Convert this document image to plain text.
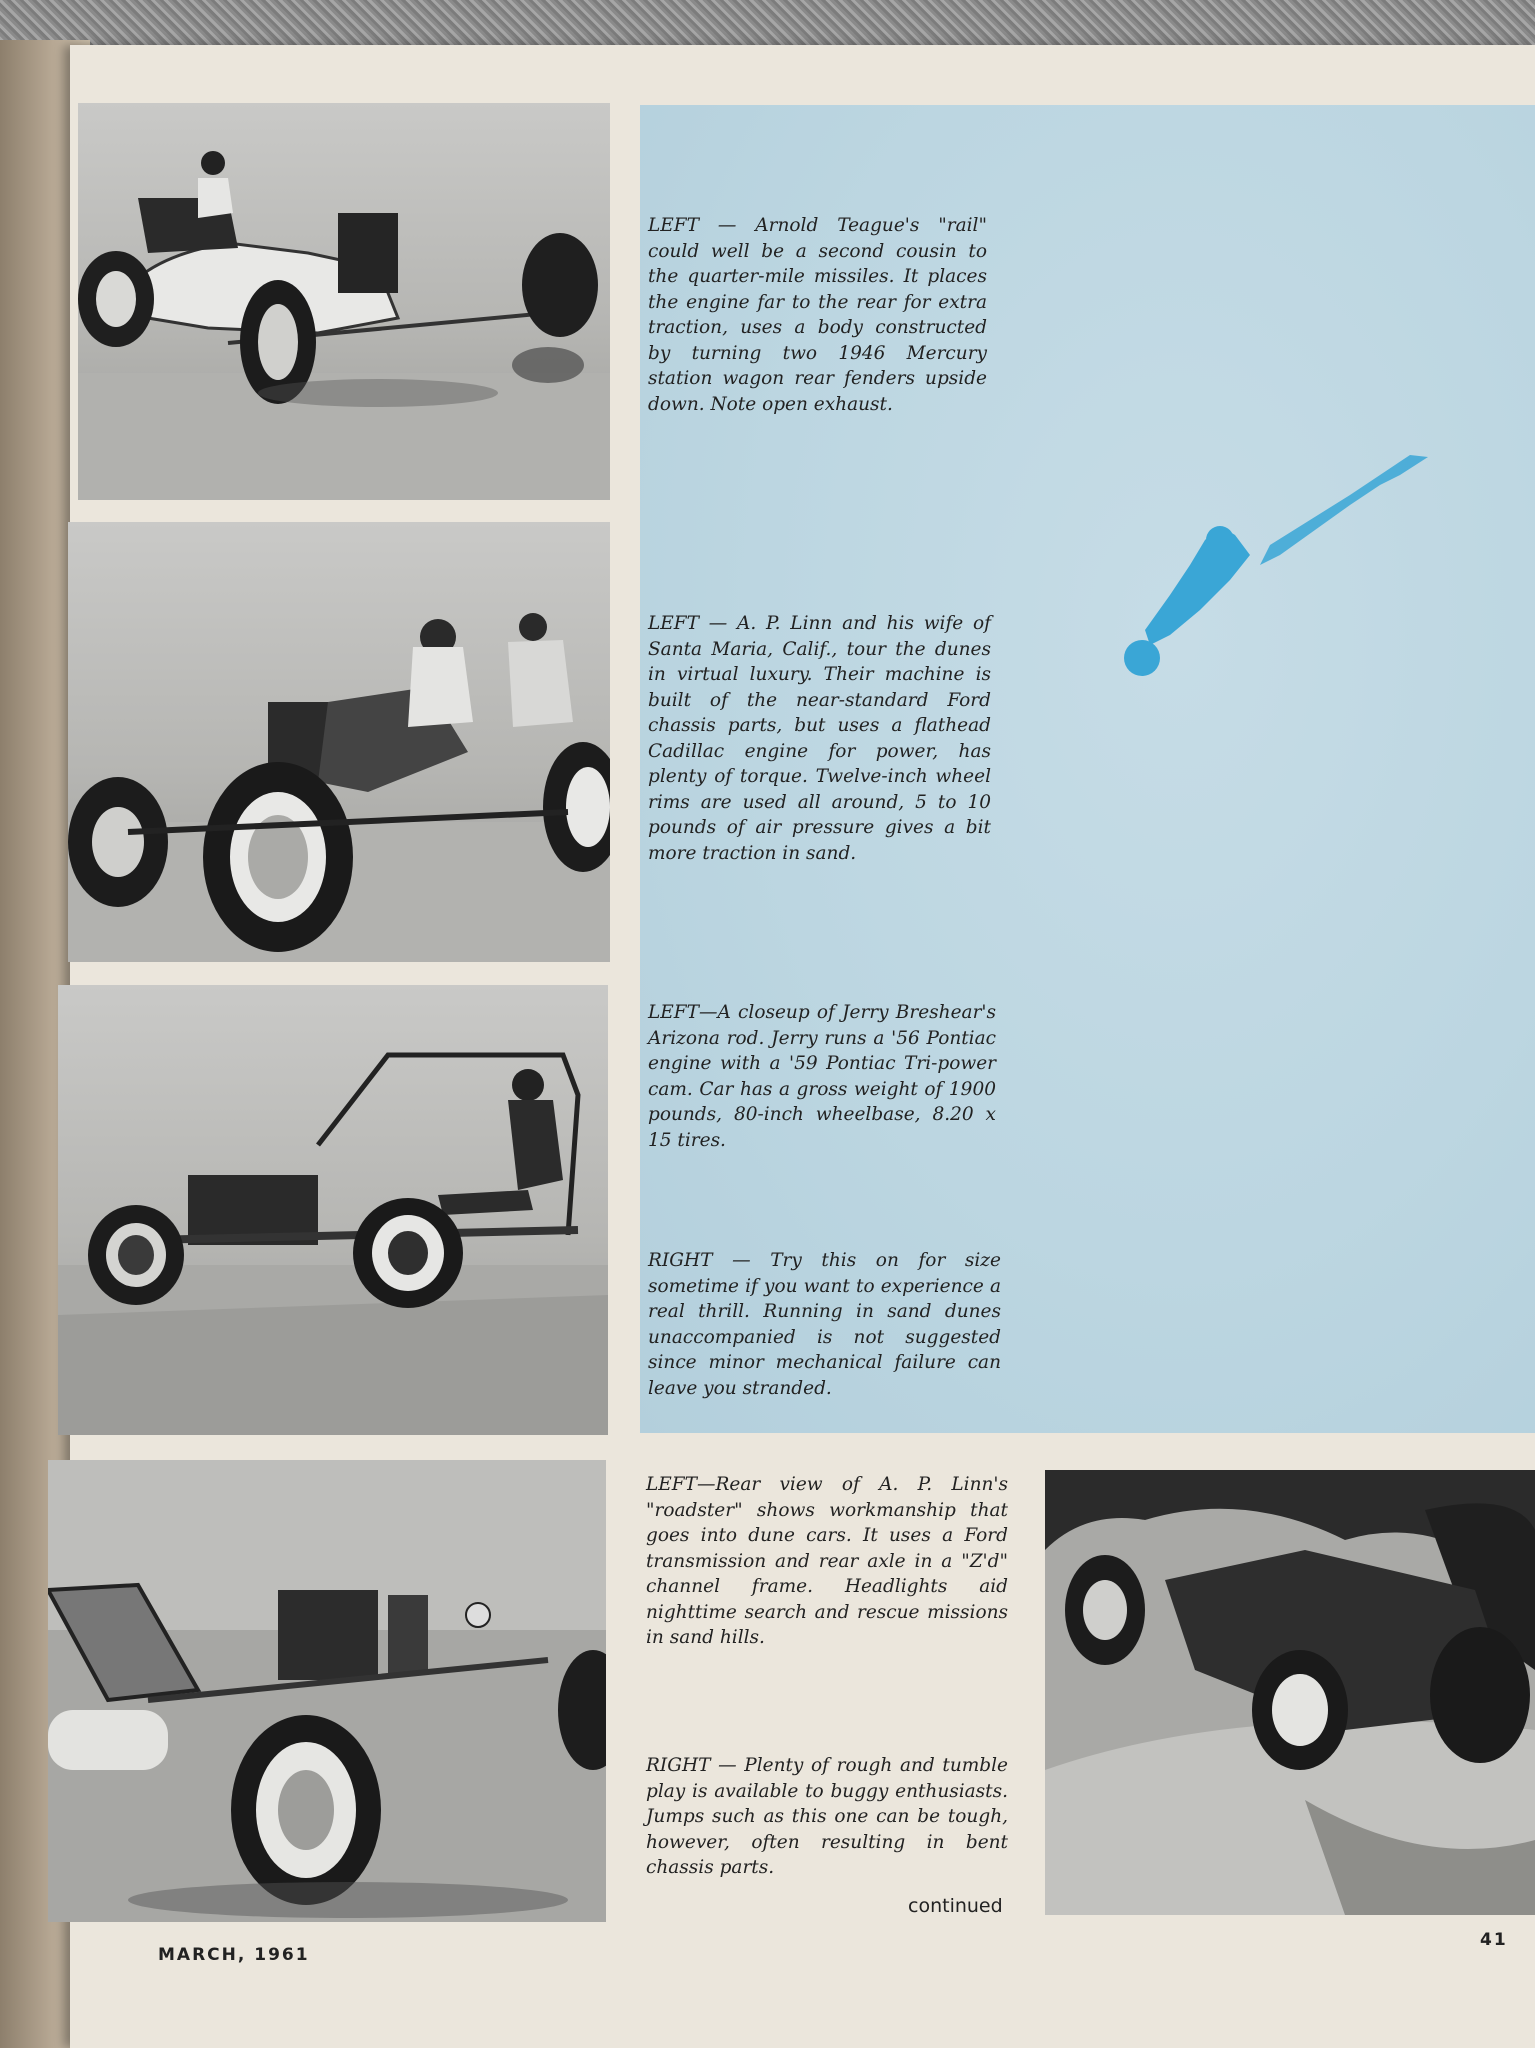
LEFT — Arnold Teague's "rail" could well be a second cousin to the quarter-mile missiles. It places the engine far to the rear for extra traction, uses a body constructed by turning two 1946 Mercury station wagon rear fenders upside down. Note open exhaust.

LEFT — A. P. Linn and his wife of Santa Maria, Calif., tour the dunes in virtual luxury. Their machine is built of the near-standard Ford chassis parts, but uses a flathead Cadillac engine for power, has plenty of torque. Twelve-inch wheel rims are used all around, 5 to 10 pounds of air pressure gives a bit more traction in sand.

LEFT—A closeup of Jerry Breshear's Arizona rod. Jerry runs a '56 Pontiac engine with a '59 Pontiac Tri-power cam. Car has a gross weight of 1900 pounds, 80-inch wheelbase, 8.20 x 15 tires.

RIGHT — Try this on for size sometime if you want to experience a real thrill. Running in sand dunes unaccompanied is not suggested since minor mechanical failure can leave you stranded.

LEFT—Rear view of A. P. Linn's "roadster" shows workmanship that goes into dune cars. It uses a Ford transmission and rear axle in a "Z'd" channel frame. Headlights aid nighttime search and rescue missions in sand hills.

RIGHT — Plenty of rough and tumble play is available to buggy enthusiasts. Jumps such as this one can be tough, however, often resulting in bent chassis parts.

continued
MARCH, 1961
41
